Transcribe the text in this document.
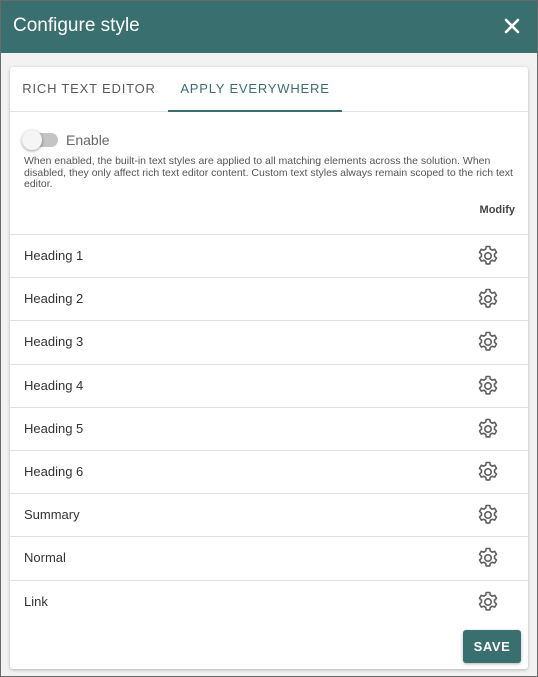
Configure style
RICH TEXT EDITOR	APPLY EVERYWHERE
Enable
When enabled, the built-in text styles are applied to all matching elements across the solution. When disabled, they only affect rich text editor content. Custom text styles always remain scoped to the rich text editor.
Modify
Heading 1
Heading 2
Heading 3
Heading 4
Heading 5
Heading 6
Summary
Normal
Link
SAVE
